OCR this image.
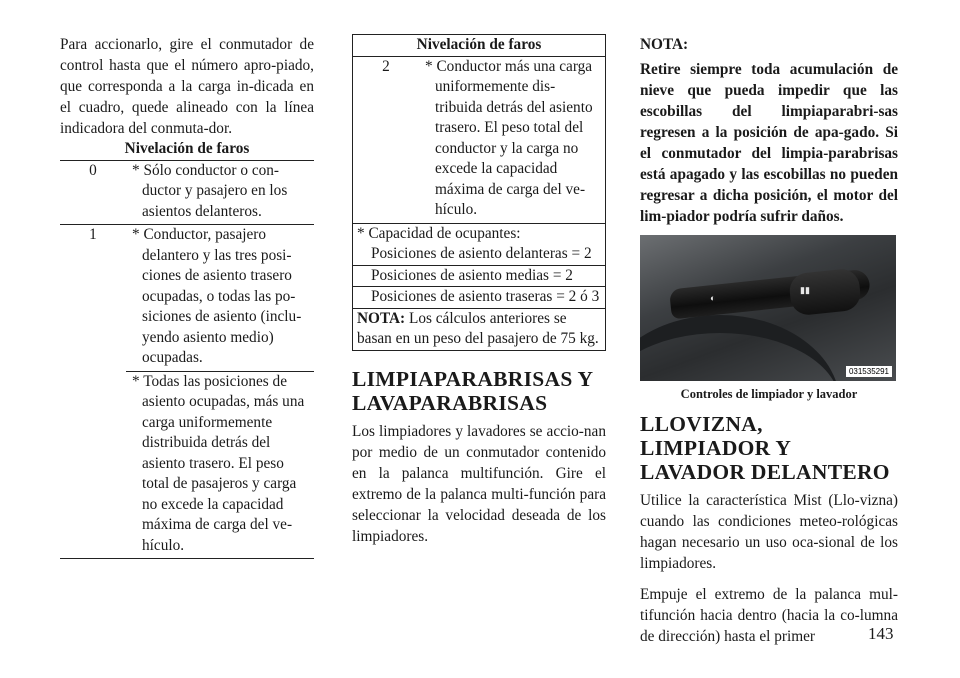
Para accionarlo, gire el conmutador de control hasta que el número apro-piado, que corresponda a la carga in-dicada en el cuadro, quede alineado con la línea indicadora del conmuta-dor.

Nivelación de faros	
0	* Sólo conductor o con-ductor y pasajero en los asientos delanteros.
1	* Conductor, pasajero delantero y las tres posi-ciones de asiento trasero ocupadas, o todas las po-siciones de asiento (inclu-yendo asiento medio) ocupadas.
	* Todas las posiciones de asiento ocupadas, más una carga uniformemente distribuida detrás del asiento trasero. El peso total de pasajeros y carga no excede la capacidad máxima de carga del ve-hículo.
Nivelación de faros
2	* Conductor más una carga uniformemente dis-tribuida detrás del asiento trasero. El peso total del conductor y la carga no excede la capacidad máxima de carga del ve-hículo.
* Capacidad de ocupantes:
Posiciones de asiento delanteras = 2
Posiciones de asiento medias = 2
Posiciones de asiento traseras = 2 ó 3
NOTA: Los cálculos anteriores se basan en un peso del pasajero de 75 kg.
LIMPIAPARABRISAS Y LAVAPARABRISAS

Los limpiadores y lavadores se accio-nan por medio de un conmutador contenido en la palanca multifunción. Gire el extremo de la palanca multi-función para seleccionar la velocidad deseada de los limpiadores.

NOTA:

Retire siempre toda acumulación de nieve que pueda impedir que las escobillas del limpiaparabri-sas regresen a la posición de apa-gado. Si el conmutador del limpia-parabrisas está apagado y las escobillas no pueden regresar a dicha posición, el motor del lim-piador podría sufrir daños.

◐
▮▮
031535291
Controles de limpiador y lavador
LLOVIZNA, LIMPIADOR Y LAVADOR DELANTERO

Utilice la característica Mist (Llo-vizna) cuando las condiciones meteo-rológicas hagan necesario un uso oca-sional de los limpiadores.

Empuje el extremo de la palanca mul-tifunción hacia dentro (hacia la co-lumna de dirección) hasta el primer	143
